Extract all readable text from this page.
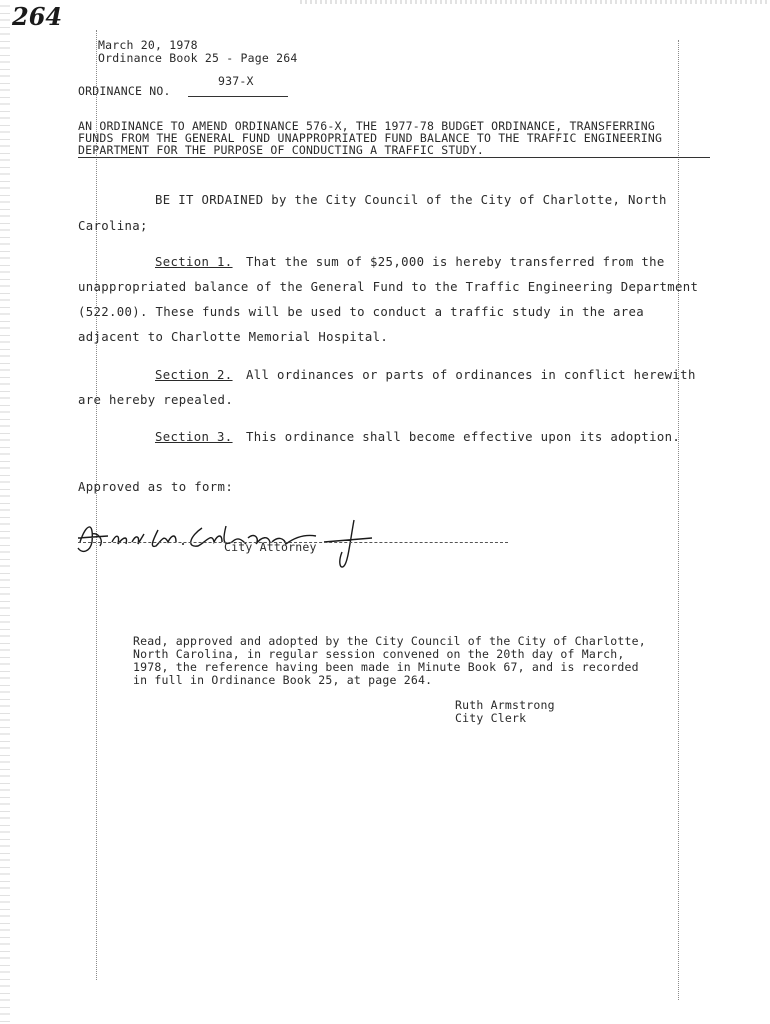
264
March 20, 1978
Ordinance Book 25 - Page 264
ORDINANCE NO.
937-X
AN ORDINANCE TO AMEND ORDINANCE 576-X, THE 1977-78 BUDGET ORDINANCE, TRANSFERRING
FUNDS FROM THE GENERAL FUND UNAPPROPRIATED FUND BALANCE TO THE TRAFFIC ENGINEERING
DEPARTMENT FOR THE PURPOSE OF CONDUCTING A TRAFFIC STUDY.
BE IT ORDAINED by the City Council of the City of Charlotte, North
Carolina;
Section 1. That the sum of $25,000 is hereby transferred from the
unappropriated balance of the General Fund to the Traffic Engineering Department
(522.00). These funds will be used to conduct a traffic study in the area
adjacent to Charlotte Memorial Hospital.
Section 2. All ordinances or parts of ordinances in conflict herewith
are hereby repealed.
Section 3. This ordinance shall become effective upon its adoption.
Approved as to form:
City Attorney
Read, approved and adopted by the City Council of the City of Charlotte,
North Carolina, in regular session convened on the 20th day of March,
1978, the reference having been made in Minute Book 67, and is recorded
in full in Ordinance Book 25, at page 264.
Ruth Armstrong
City Clerk
